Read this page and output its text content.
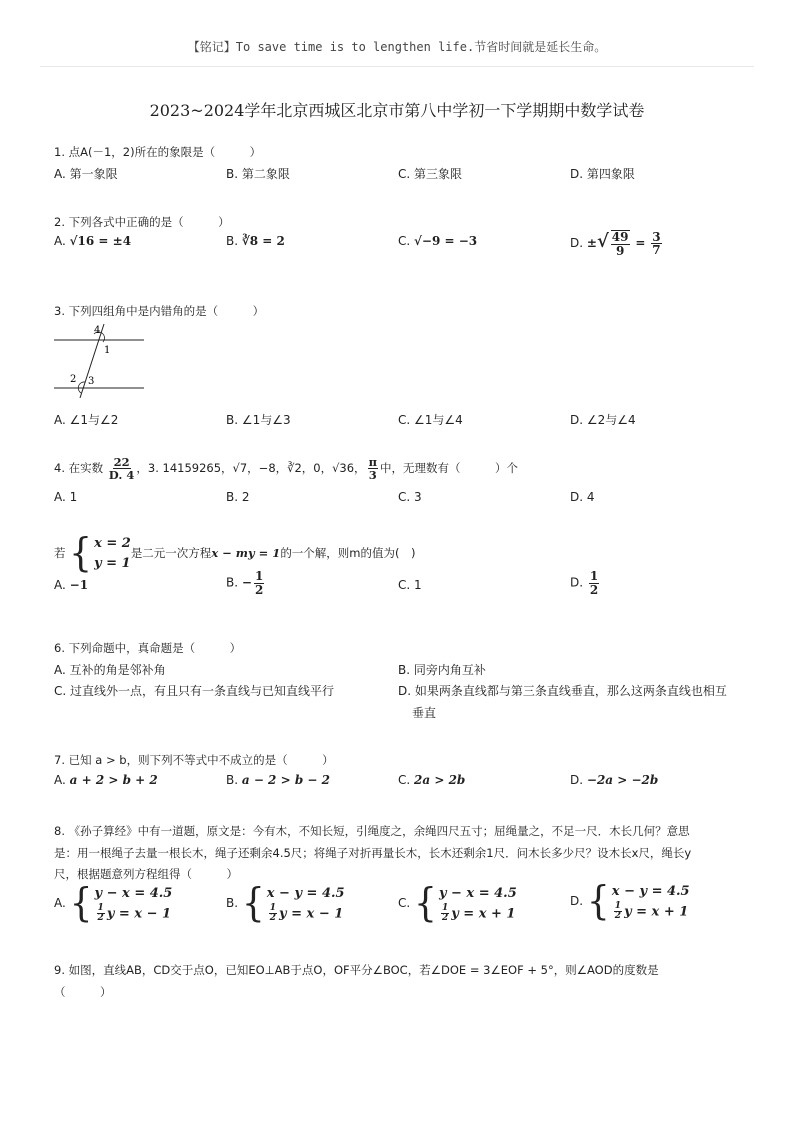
【铭记】To save time is to lengthen life.节省时间就是延长生命。
2023~2024学年北京西城区北京市第八中学初一下学期期中数学试卷
1. 点A(－1，2)所在的象限是（　　　）
A. 第一象限	B. 第二象限	C. 第三象限	D. 第四象限
2. 下列各式中正确的是（　　　）
A. √16 = ±4	B. ∛8 = 2	C. √−9 = −3	D. ±√ $\frac{49}{9} = \frac{3}{7}$
3. 下列四组角中是内错角的是（　　　）
4
1
2 3
A. ∠1与∠2	B. ∠1与∠3	C. ∠1与∠4	D. ∠2与∠4
4. 在实数 $\frac{22}{D. 4}$ ，3. 14159265，√7，−8，∛2，0，√36， $\frac{\pi}{3}$ 中，无理数有（　　　）个
A. 1	B. 2	C. 3	D. 4
若 { x = 2
y = 1
是二元一次方程x − my = 1的一个解，则m的值为(　)
A. −1	B. − $\frac{1}{2}$	C. 1	D. $\frac{1}{2}$
6. 下列命题中，真命题是（　　　）
A. 互补的角是邻补角	B. 同旁内角互补
C. 过直线外一点，有且只有一条直线与已知直线平行	D. 如果两条直线都与第三条直线垂直，那么这两条直线也相互
垂直
7. 已知 a > b，则下列不等式中不成立的是（　　　）
A. a + 2 > b + 2	B. a − 2 > b − 2	C. 2a > 2b	D. −2a > −2b
8. 《孙子算经》中有一道题，原文是：今有木，不知长短，引绳度之，余绳四尺五寸；屈绳量之，不足一尺．木长几何？意思
是：用一根绳子去量一根长木，绳子还剩余4.5尺；将绳子对折再量长木，长木还剩余1尺．问木长多少尺？设木长x尺，绳长y
尺，根据题意列方程组得（　　　）
A. { y − x = 4.5
$\frac{1}{2}$ y = x − 1
B. { x − y = 4.5
$\frac{1}{2}$ y = x − 1
C. { y − x = 4.5
$\frac{1}{2}$ y = x + 1
D. { x − y = 4.5
$\frac{1}{2}$ y = x + 1
9. 如图，直线AB，CD交于点O，已知EO⊥AB于点O，OF平分∠BOC，若∠DOE = 3∠EOF + 5°，则∠AOD的度数是
（　　　）
